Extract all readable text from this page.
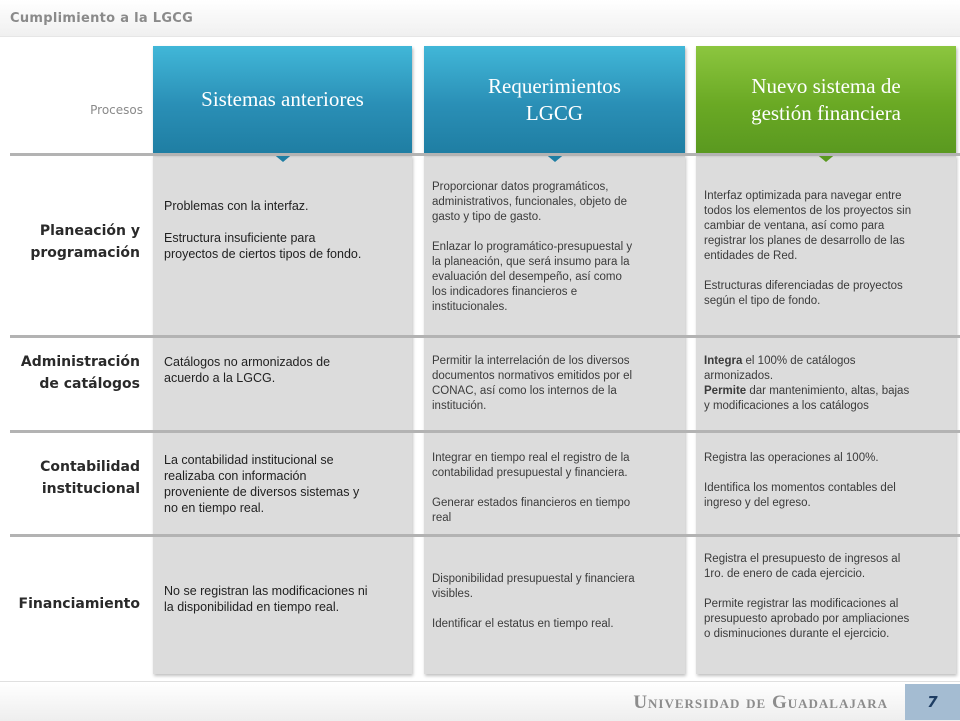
Cumplimiento a la LGCG
Procesos	Sistemas anteriores
Requerimientos
LGCG
Nuevo sistema de
gestión financiera
Planeación y
programación
Administración
de catálogos
Contabilidad
institucional
Financiamiento
Problemas con la interfaz.

Estructura insuficiente para
proyectos de ciertos tipos de fondo.
Proporcionar datos programáticos,
administrativos, funcionales, objeto de
gasto y tipo de gasto.

Enlazar lo programático-presupuestal y
la planeación, que será insumo para la
evaluación del desempeño, así como
los indicadores financieros e
institucionales.
Interfaz optimizada para navegar entre
todos los elementos de los proyectos sin
cambiar de ventana, así como para
registrar los planes de desarrollo de las
entidades de Red.

Estructuras diferenciadas de proyectos
según el tipo de fondo.
Catálogos no armonizados de
acuerdo a la LGCG.
Permitir la interrelación de los diversos
documentos normativos emitidos por el
CONAC, así como los internos de la
institución.
Integra el 100% de catálogos
armonizados.
Permite dar mantenimiento, altas, bajas
y modificaciones a los catálogos
La contabilidad institucional se
realizaba con información
proveniente de diversos sistemas y
no en tiempo real.
Integrar en tiempo real el registro de la
contabilidad presupuestal y financiera.

Generar estados financieros en tiempo
real
Registra las operaciones al 100%.

Identifica los momentos contables del
ingreso y del egreso.
No se registran las modificaciones ni
la disponibilidad en tiempo real.
Disponibilidad presupuestal y financiera
visibles.

Identificar el estatus en tiempo real.
Registra el presupuesto de ingresos al
1ro. de enero de cada ejercicio.

Permite registrar las modificaciones al
presupuesto aprobado por ampliaciones
o disminuciones durante el ejercicio.
Universidad de Guadalajara	7
